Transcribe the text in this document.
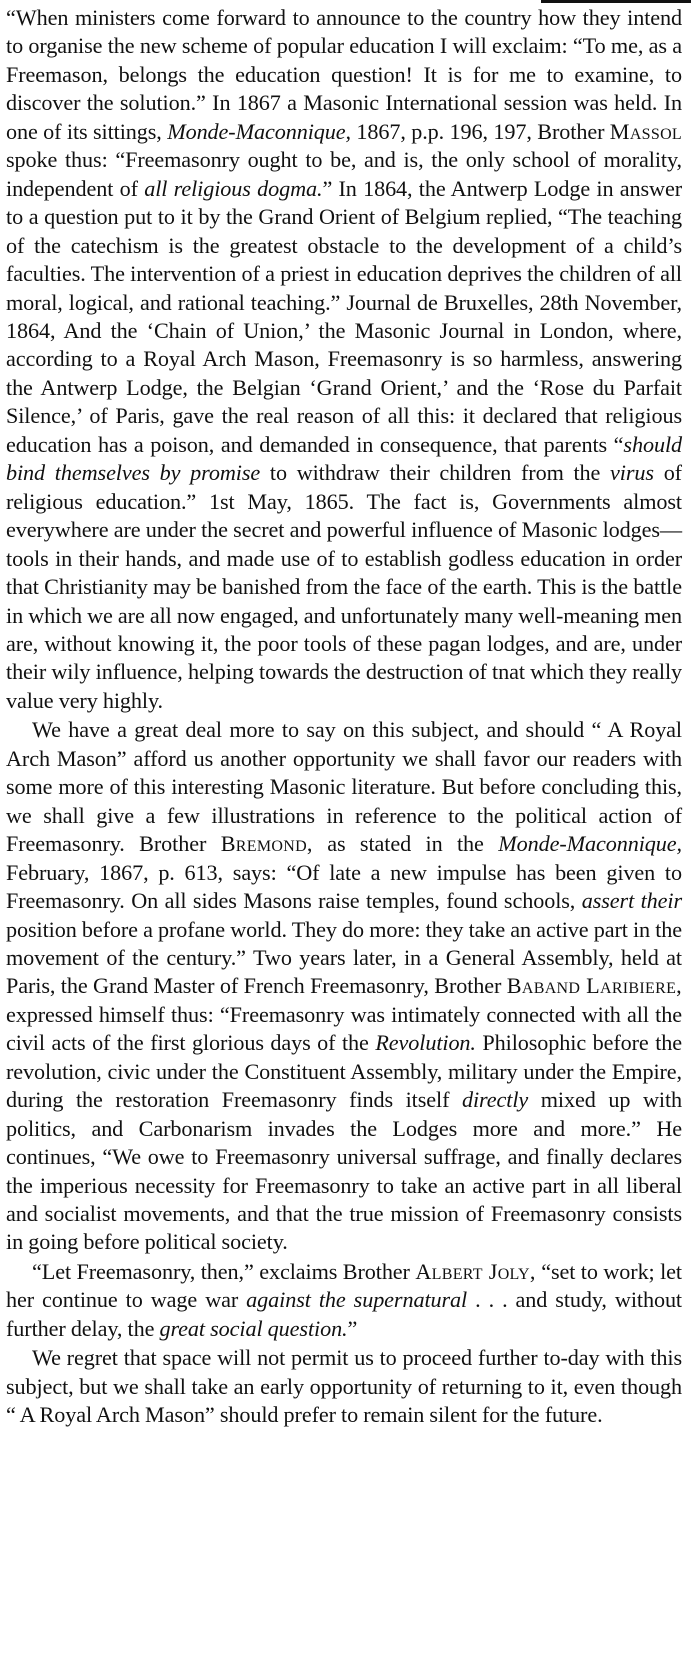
“When ministers come forward to announce to the country how they intend to organise the new scheme of popular education I will exclaim: “To me, as a Freemason, belongs the education question! It is for me to examine, to discover the solution.” In 1867 a Masonic International session was held. In one of its sittings, Monde-Maconnique, 1867, p.p. 196, 197, Brother Massol spoke thus: “Freemasonry ought to be, and is, the only school of morality, independent of all religious dogma.” In 1864, the Antwerp Lodge in answer to a question put to it by the Grand Orient of Belgium replied, “The teaching of the catechism is the greatest obstacle to the development of a child’s faculties. The intervention of a priest in education deprives the children of all moral, logical, and rational teaching.” Journal de Bruxelles, 28th November, 1864, And the ‘Chain of Union,’ the Masonic Journal in London, where, according to a Royal Arch Mason, Freemasonry is so harmless, answering the Antwerp Lodge, the Belgian ‘Grand Orient,’ and the ‘Rose du Parfait Silence,’ of Paris, gave the real reason of all this: it declared that religious education has a poison, and demanded in consequence, that parents “should bind themselves by promise to withdraw their children from the virus of religious education.” 1st May, 1865. The fact is, Governments almost everywhere are under the secret and powerful influence of Masonic lodges—tools in their hands, and made use of to establish godless education in order that Christianity may be banished from the face of the earth. This is the battle in which we are all now engaged, and unfortunately many well-meaning men are, without knowing it, the poor tools of these pagan lodges, and are, under their wily influence, helping towards the destruction of tnat which they really value very highly.

We have a great deal more to say on this subject, and should “ A Royal Arch Mason” afford us another opportunity we shall favor our readers with some more of this interesting Masonic literature. But before concluding this, we shall give a few illustrations in reference to the political action of Freemasonry. Brother Bremond, as stated in the Monde-Maconnique, February, 1867, p. 613, says: “Of late a new impulse has been given to Freemasonry. On all sides Masons raise temples, found schools, assert their position before a profane world. They do more: they take an active part in the movement of the century.” Two years later, in a General Assembly, held at Paris, the Grand Master of French Freemasonry, Brother Baband Laribiere, expressed himself thus: “Freemasonry was intimately connected with all the civil acts of the first glorious days of the Revolution. Philosophic before the revolution, civic under the Constituent Assembly, military under the Empire, during the restoration Freemasonry finds itself directly mixed up with politics, and Carbonarism invades the Lodges more and more.” He continues, “We owe to Freemasonry universal suffrage, and finally declares the imperious necessity for Freemasonry to take an active part in all liberal and socialist movements, and that the true mission of Freemasonry consists in going before political society.

“Let Freemasonry, then,” exclaims Brother Albert Joly, “set to work; let her continue to wage war against the supernatural . . . and study, without further delay, the great social question.”

We regret that space will not permit us to proceed further to-day with this subject, but we shall take an early opportunity of returning to it, even though “ A Royal Arch Mason” should prefer to remain silent for the future.
